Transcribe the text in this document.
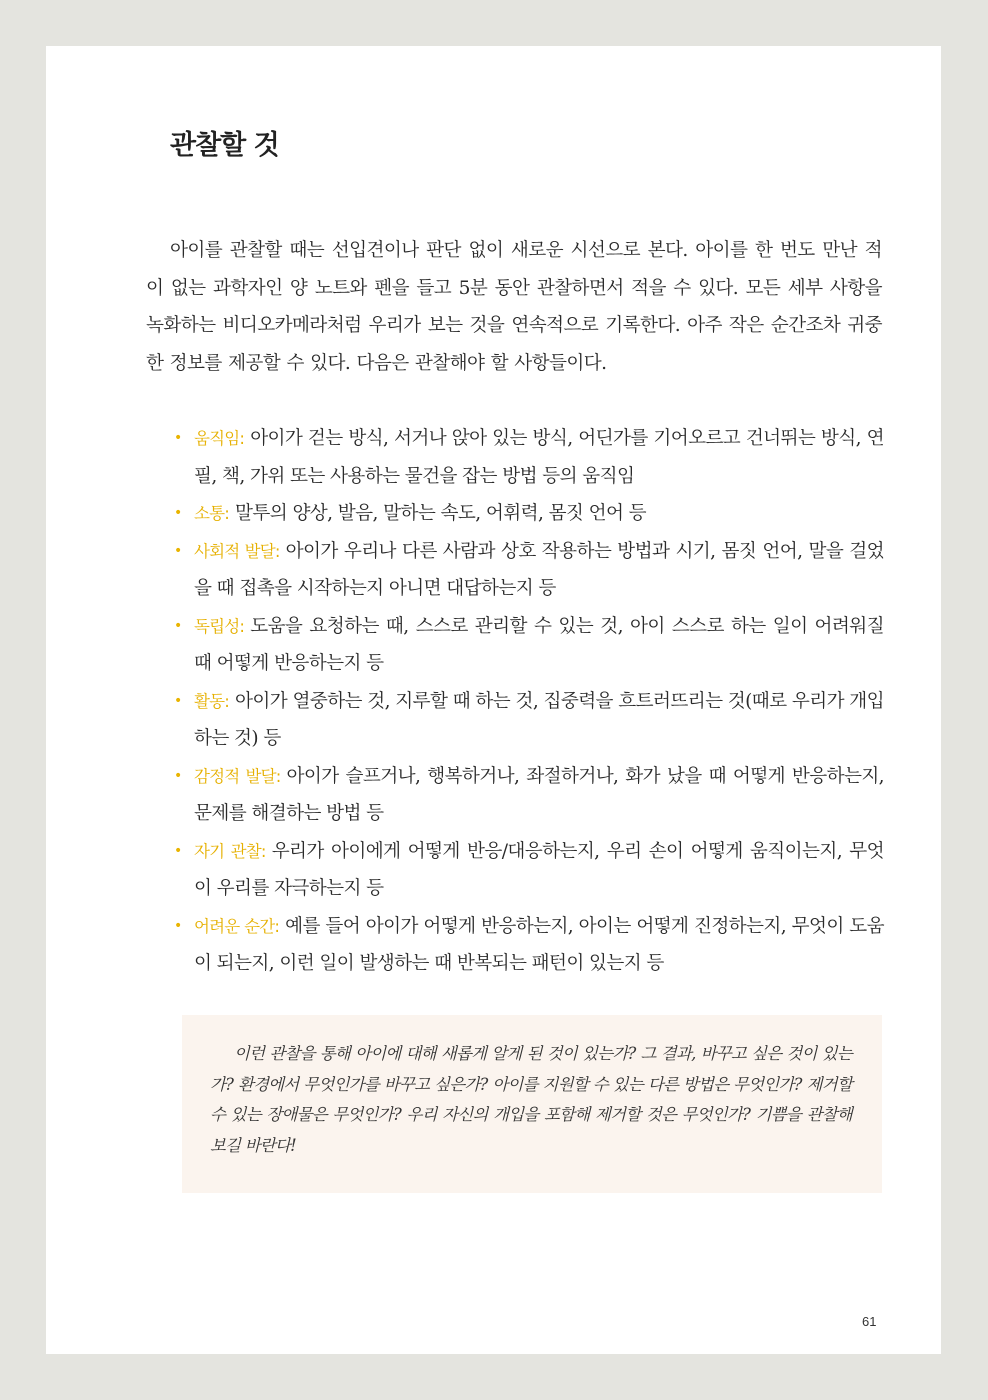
관찰할 것

아이를 관찰할 때는 선입견이나 판단 없이 새로운 시선으로 본다. 아이를 한 번도 만난 적이 없는 과학자인 양 노트와 펜을 들고 5분 동안 관찰하면서 적을 수 있다. 모든 세부 사항을 녹화하는 비디오카메라처럼 우리가 보는 것을 연속적으로 기록한다. 아주 작은 순간조차 귀중한 정보를 제공할 수 있다. 다음은 관찰해야 할 사항들이다.

• 움직임: 아이가 걷는 방식, 서거나 앉아 있는 방식, 어딘가를 기어오르고 건너뛰는 방식, 연필, 책, 가위 또는 사용하는 물건을 잡는 방법 등의 움직임
• 소통: 말투의 양상, 발음, 말하는 속도, 어휘력, 몸짓 언어 등
• 사회적 발달: 아이가 우리나 다른 사람과 상호 작용하는 방법과 시기, 몸짓 언어, 말을 걸었을 때 접촉을 시작하는지 아니면 대답하는지 등
• 독립성: 도움을 요청하는 때, 스스로 관리할 수 있는 것, 아이 스스로 하는 일이 어려워질 때 어떻게 반응하는지 등
• 활동: 아이가 열중하는 것, 지루할 때 하는 것, 집중력을 흐트러뜨리는 것(때로 우리가 개입하는 것) 등
• 감정적 발달: 아이가 슬프거나, 행복하거나, 좌절하거나, 화가 났을 때 어떻게 반응하는지, 문제를 해결하는 방법 등
• 자기 관찰: 우리가 아이에게 어떻게 반응/대응하는지, 우리 손이 어떻게 움직이는지, 무엇이 우리를 자극하는지 등
• 어려운 순간: 예를 들어 아이가 어떻게 반응하는지, 아이는 어떻게 진정하는지, 무엇이 도움이 되는지, 이런 일이 발생하는 때 반복되는 패턴이 있는지 등

이런 관찰을 통해 아이에 대해 새롭게 알게 된 것이 있는가? 그 결과, 바꾸고 싶은 것이 있는가? 환경에서 무엇인가를 바꾸고 싶은가? 아이를 지원할 수 있는 다른 방법은 무엇인가? 제거할 수 있는 장애물은 무엇인가? 우리 자신의 개입을 포함해 제거할 것은 무엇인가? 기쁨을 관찰해 보길 바란다!

61
